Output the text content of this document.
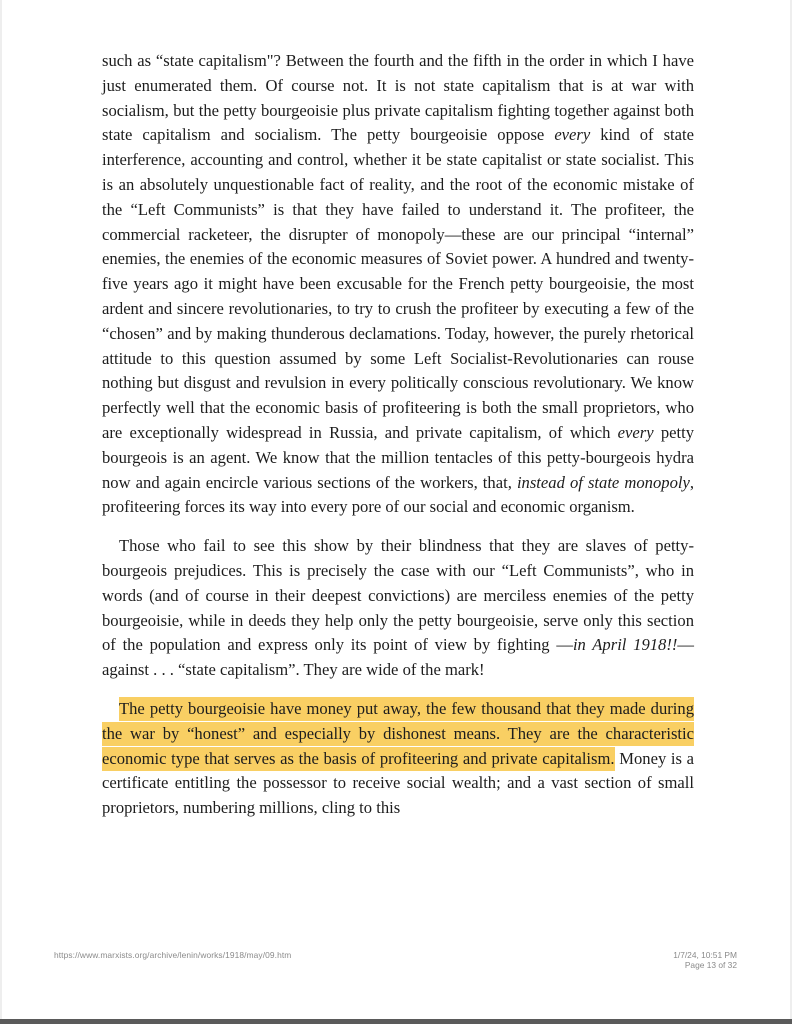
such as “state capitalism"? Between the fourth and the fifth in the order in which I have just enumerated them. Of course not. It is not state capitalism that is at war with socialism, but the petty bourgeoisie plus private capitalism fighting together against both state capitalism and socialism. The petty bourgeoisie oppose every kind of state interference, accounting and control, whether it be state capitalist or state socialist. This is an absolutely unquestionable fact of reality, and the root of the economic mistake of the “Left Communists” is that they have failed to understand it. The profiteer, the commercial racketeer, the disrupter of monopoly—these are our principal “internal” enemies, the enemies of the economic measures of Soviet power. A hundred and twenty-five years ago it might have been excusable for the French petty bourgeoisie, the most ardent and sincere revolutionaries, to try to crush the profiteer by executing a few of the “chosen” and by making thunderous declamations. Today, however, the purely rhetorical attitude to this question assumed by some Left Socialist-Revolutionaries can rouse nothing but disgust and revulsion in every politically conscious revolutionary. We know perfectly well that the economic basis of profiteering is both the small proprietors, who are exceptionally widespread in Russia, and private capitalism, of which every petty bourgeois is an agent. We know that the million tentacles of this petty-bourgeois hydra now and again encircle various sections of the workers, that, instead of state monopoly, profiteering forces its way into every pore of our social and economic organism.

Those who fail to see this show by their blindness that they are slaves of petty-bourgeois prejudices. This is precisely the case with our “Left Communists”, who in words (and of course in their deepest convictions) are merciless enemies of the petty bourgeoisie, while in deeds they help only the petty bourgeoisie, serve only this section of the population and express only its point of view by fighting —in April 1918!!—against . . . “state capitalism”. They are wide of the mark!

The petty bourgeoisie have money put away, the few thousand that they made during the war by “honest” and especially by dishonest means. They are the characteristic economic type that serves as the basis of profiteering and private capitalism. Money is a certificate entitling the possessor to receive social wealth; and a vast section of small proprietors, numbering millions, cling to this

https://www.marxists.org/archive/lenin/works/1918/may/09.htm	1/7/24, 10:51 PM
Page 13 of 32
